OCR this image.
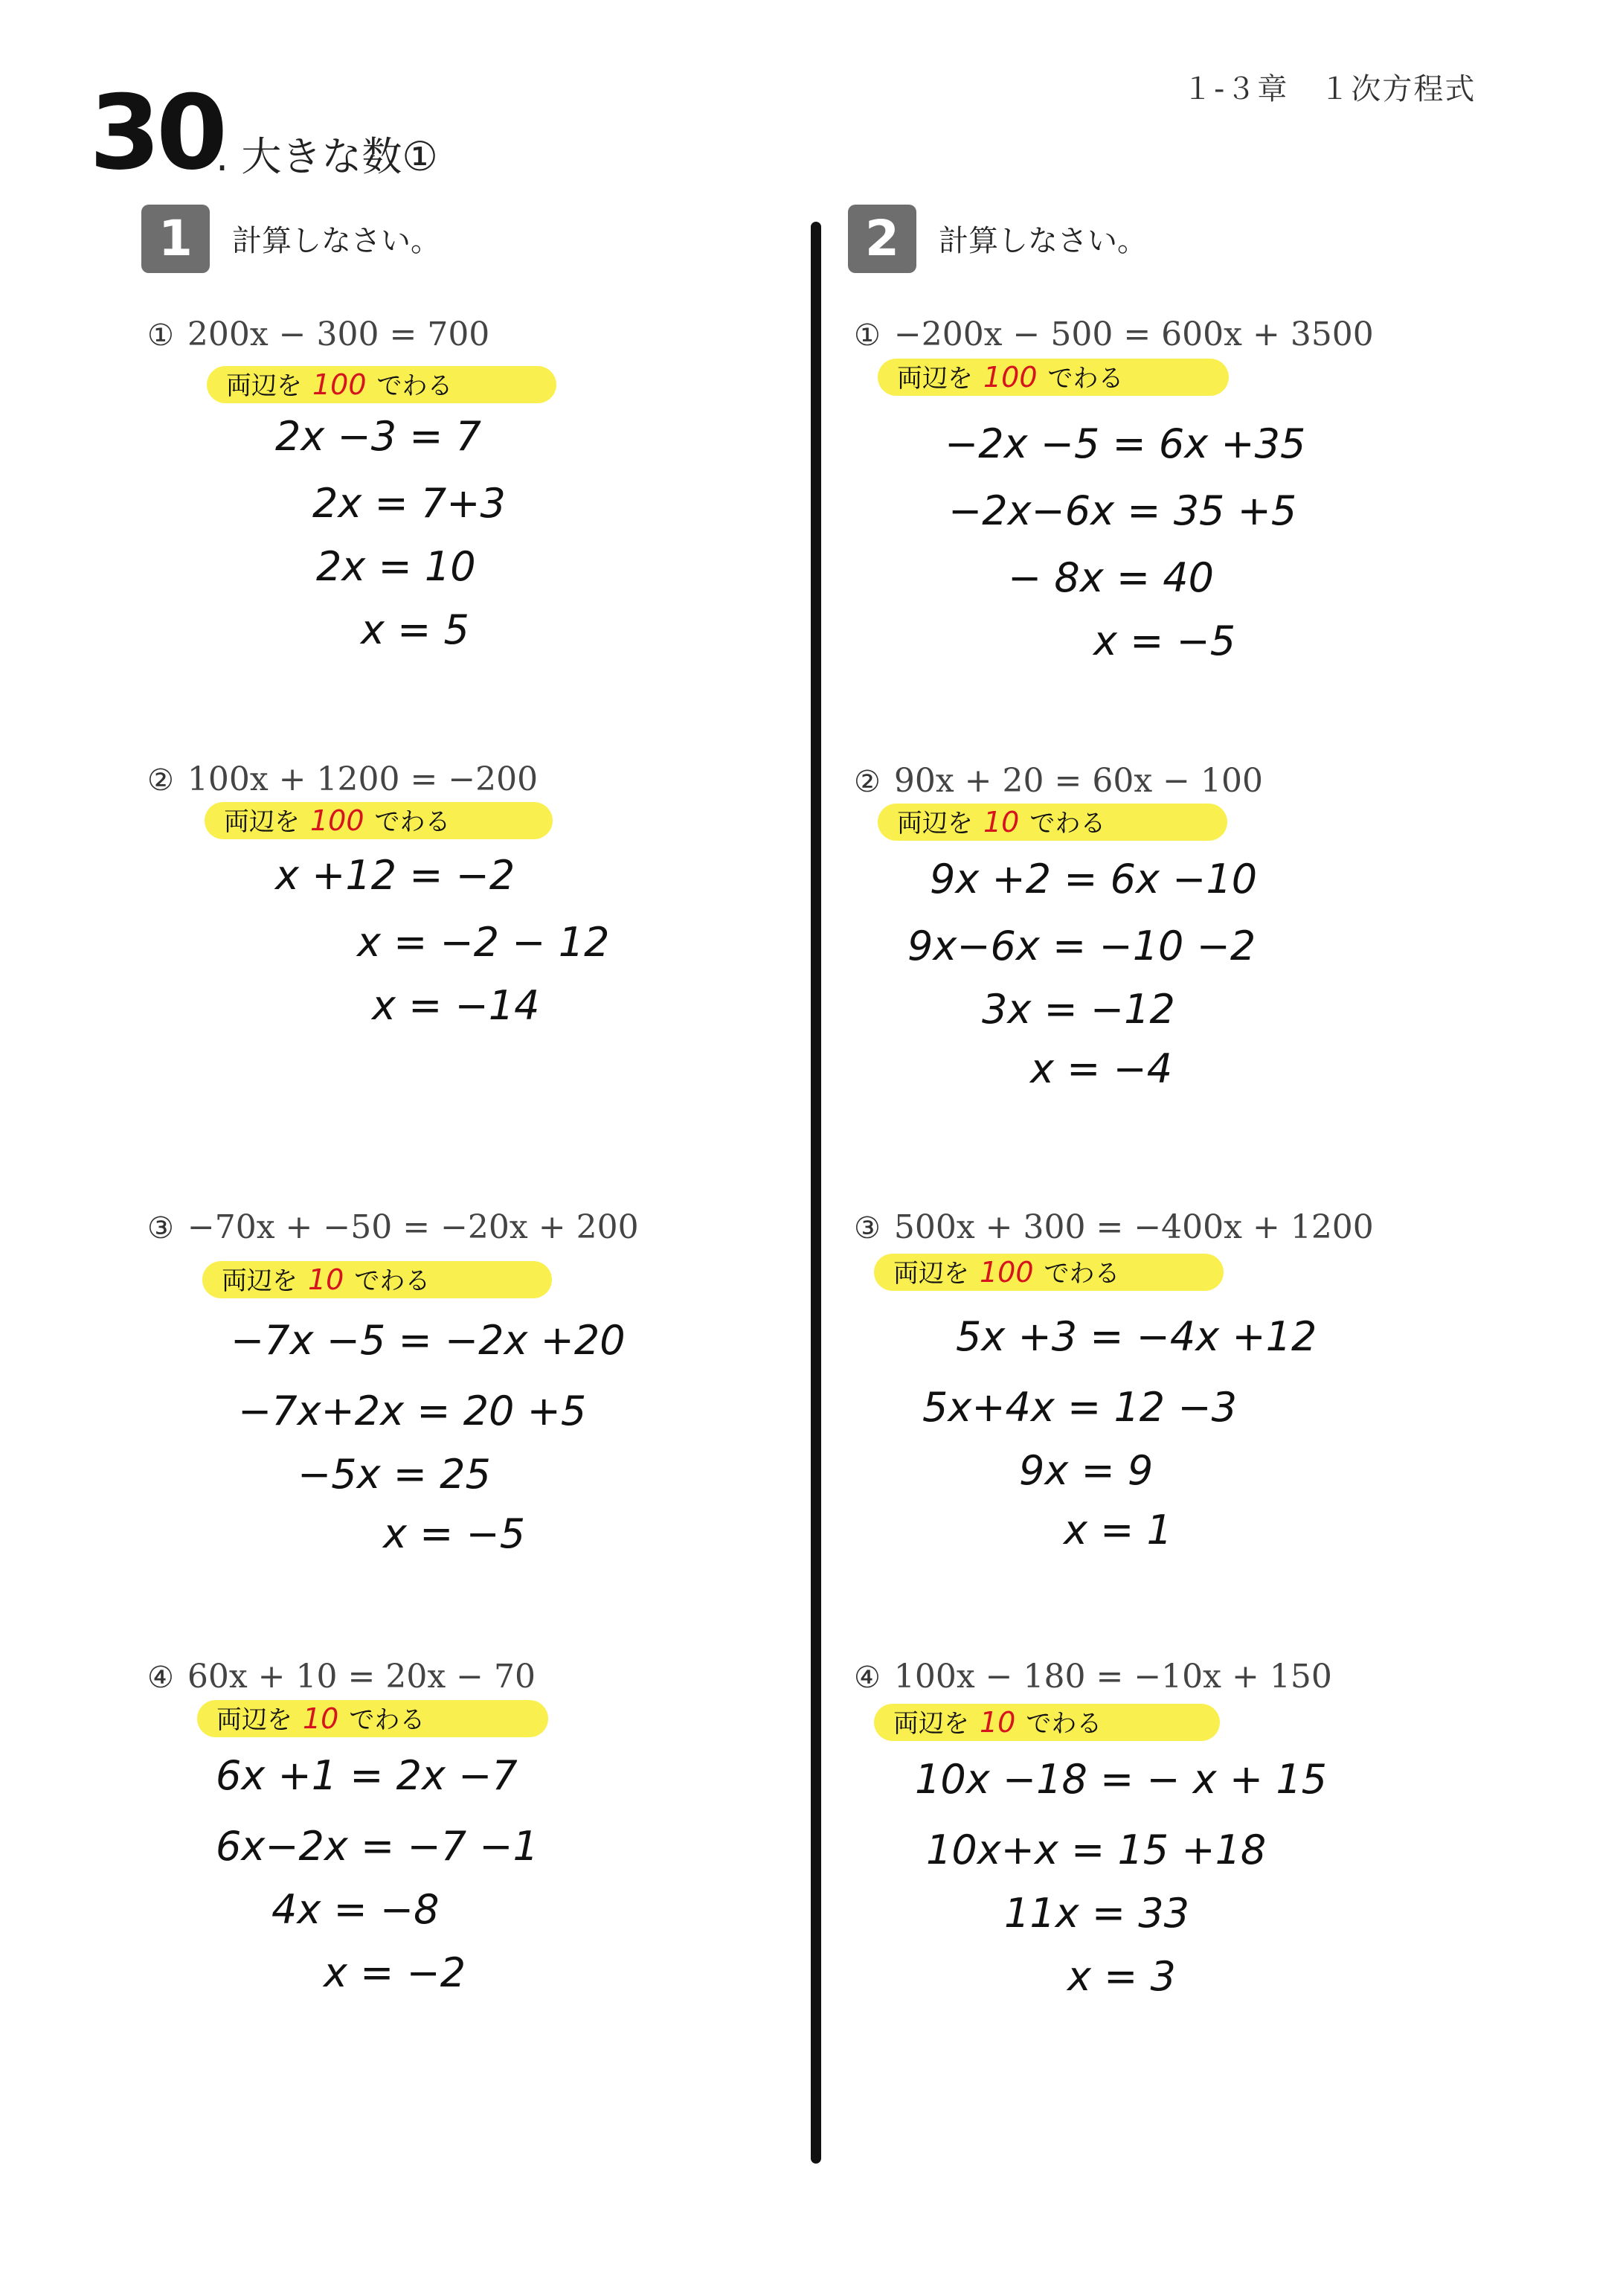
１-３章　１次方程式
30
. 大きな数①
1	計算しなさい。	2	計算しなさい。
① 200x − 300 = 700
両辺を 100 でわる
2x −3 = 7
2x = 7+3
2x = 10
x = 5
② 100x + 1200 = −200
両辺を 100 でわる
x +12 = −2
x = −2 − 12
x = −14
③ −70x + −50 = −20x + 200
両辺を 10 でわる
−7x −5 = −2x +20
−7x+2x = 20 +5
−5x = 25
x = −5
④ 60x + 10 = 20x − 70
両辺を 10 でわる
6x +1 = 2x −7
6x−2x = −7 −1
4x = −8
x = −2
① −200x − 500 = 600x + 3500
両辺を 100 でわる
−2x −5 = 6x +35
−2x−6x = 35 +5
− 8x = 40
x = −5
② 90x + 20 = 60x − 100
両辺を 10 でわる
9x +2 = 6x −10
9x−6x = −10 −2
3x = −12
x = −4
③ 500x + 300 = −400x + 1200
両辺を 100 でわる
5x +3 = −4x +12
5x+4x = 12 −3
9x = 9
x = 1
④ 100x − 180 = −10x + 150
両辺を 10 でわる
10x −18 = − x + 15
10x+x = 15 +18
11x = 33
x = 3
